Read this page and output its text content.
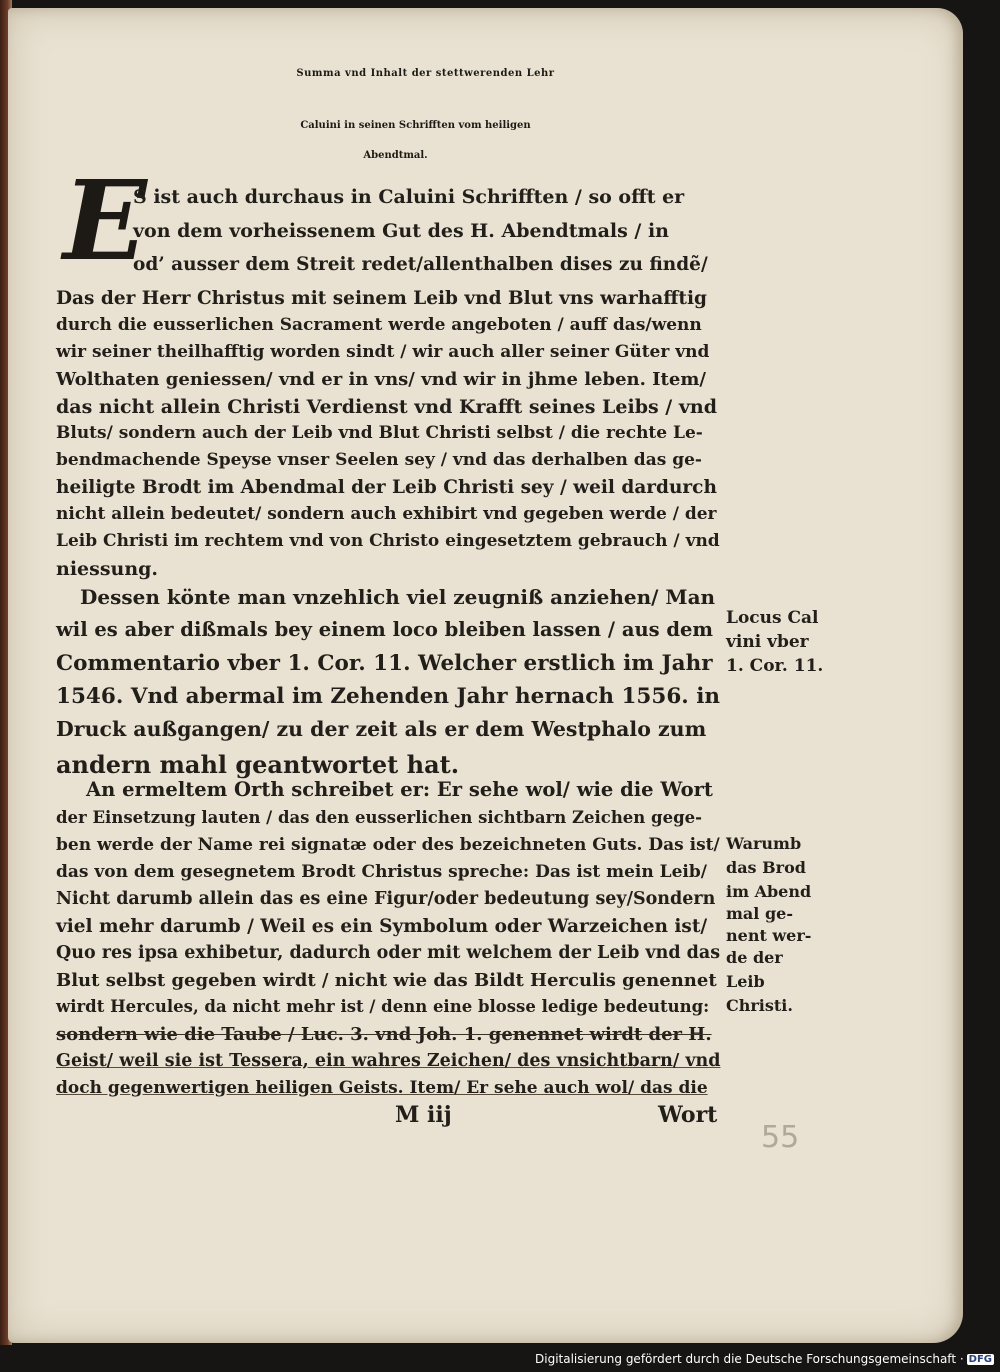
Summa vnd Inhalt der stettwerenden Lehr
Caluini in seinen Schrifften vom heiligen
Abendtmal.
E
S ist auch durchaus in Caluini Schrifften / so offt er
von dem vorheissenem Gut des H. Abendtmals / in
od’ ausser dem Streit redet/allenthalben dises zu findẽ/
Das der Herr Christus mit seinem Leib vnd Blut vns warhafftig
durch die eusserlichen Sacrament werde angeboten / auff das/wenn
wir seiner theilhafftig worden sindt / wir auch aller seiner Güter vnd
Wolthaten geniessen/ vnd er in vns/ vnd wir in jhme leben. Item/
das nicht allein Christi Verdienst vnd Krafft seines Leibs / vnd
Bluts/ sondern auch der Leib vnd Blut Christi selbst / die rechte Le-
bendmachende Speyse vnser Seelen sey / vnd das derhalben das ge-
heiligte Brodt im Abendmal der Leib Christi sey / weil dardurch
nicht allein bedeutet/ sondern auch exhibirt vnd gegeben werde / der
Leib Christi im rechtem vnd von Christo eingesetztem gebrauch / vnd
niessung.
Dessen könte man vnzehlich viel zeugniß anziehen/ Man
wil es aber dißmals bey einem loco bleiben lassen / aus dem
Commentario vber 1. Cor. 11. Welcher erstlich im Jahr
1546. Vnd abermal im Zehenden Jahr hernach 1556. in
Druck außgangen/ zu der zeit als er dem Westphalo zum
andern mahl geantwortet hat.
An ermeltem Orth schreibet er: Er sehe wol/ wie die Wort
der Einsetzung lauten / das den eusserlichen sichtbarn Zeichen gege-
ben werde der Name rei signatæ oder des bezeichneten Guts. Das ist/
das von dem gesegnetem Brodt Christus spreche: Das ist mein Leib/
Nicht darumb allein das es eine Figur/oder bedeutung sey/Sondern
viel mehr darumb / Weil es ein Symbolum oder Warzeichen ist/
Quo res ipsa exhibetur, dadurch oder mit welchem der Leib vnd das
Blut selbst gegeben wirdt / nicht wie das Bildt Herculis genennet
wirdt Hercules, da nicht mehr ist / denn eine blosse ledige bedeutung:
sondern wie die Taube / Luc. 3. vnd Joh. 1. genennet wirdt der H.
Geist/ weil sie ist Tessera, ein wahres Zeichen/ des vnsichtbarn/ vnd
doch gegenwertigen heiligen Geists. Item/ Er sehe auch wol/ das die
Locus Cal
vini vber
1. Cor. 11.
Warumb
das Brod
im Abend
mal ge-
nent wer-
de der
Leib
Christi.
M iij	Wort
55
Digitalisierung gefördert durch die Deutsche Forschungsgemeinschaft · DFG
